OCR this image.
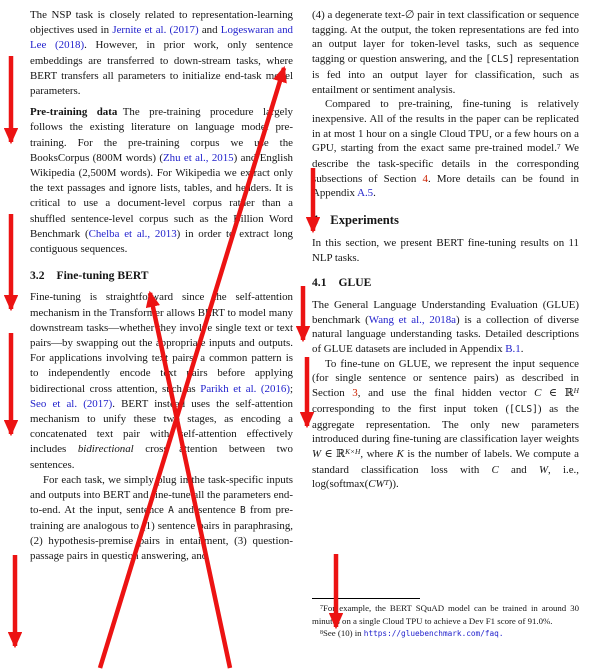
The NSP task is closely related to representation-learning objectives used in Jernite et al. (2017) and Logeswaran and Lee (2018). However, in prior work, only sentence embeddings are transferred to down-stream tasks, where BERT transfers all parameters to initialize end-task model parameters.

Pre-training data The pre-training procedure largely follows the existing literature on language model pre-training. For the pre-training corpus we use the BooksCorpus (800M words) (Zhu et al., 2015) and English Wikipedia (2,500M words). For Wikipedia we extract only the text passages and ignore lists, tables, and headers. It is critical to use a document-level corpus rather than a shuffled sentence-level corpus such as the Billion Word Benchmark (Chelba et al., 2013) in order to extract long contiguous sequences.

3.2 Fine-tuning BERT

Fine-tuning is straightforward since the self-attention mechanism in the Transformer allows BERT to model many downstream tasks—whether they involve single text or text pairs—by swapping out the appropriate inputs and outputs. For applications involving text pairs, a common pattern is to independently encode text pairs before applying bidirectional cross attention, such as Parikh et al. (2016); Seo et al. (2017). BERT instead uses the self-attention mechanism to unify these two stages, as encoding a concatenated text pair with self-attention effectively includes bidirectional cross attention between two sentences.

For each task, we simply plug in the task-specific inputs and outputs into BERT and fine-tune all the parameters end-to-end. At the input, sentence A and sentence B from pre-training are analogous to (1) sentence pairs in paraphrasing, (2) hypothesis-premise pairs in entailment, (3) question-passage pairs in question answering, and

(4) a degenerate text-∅ pair in text classification or sequence tagging. At the output, the token representations are fed into an output layer for token-level tasks, such as sequence tagging or question answering, and the [CLS] representation is fed into an output layer for classification, such as entailment or sentiment analysis.

Compared to pre-training, fine-tuning is relatively inexpensive. All of the results in the paper can be replicated in at most 1 hour on a single Cloud TPU, or a few hours on a GPU, starting from the exact same pre-trained model.$^7$ We describe the task-specific details in the corresponding subsections of Section 4. More details can be found in Appendix A.5.

4 Experiments

In this section, we present BERT fine-tuning results on 11 NLP tasks.

4.1 GLUE

The General Language Understanding Evaluation (GLUE) benchmark (Wang et al., 2018a) is a collection of diverse natural language understanding tasks. Detailed descriptions of GLUE datasets are included in Appendix B.1.

To fine-tune on GLUE, we represent the input sequence (for single sentence or sentence pairs) as described in Section 3, and use the final hidden vector C ∈ ℝ$^H$ corresponding to the first input token ([CLS]) as the aggregate representation. The only new parameters introduced during fine-tuning are classification layer weights W ∈ ℝ$^{K\times H}$, where K is the number of labels. We compute a standard classification loss with C and W, i.e., $\log(softmax(CW^T))$.

$^7$For example, the BERT SQuAD model can be trained in around 30 minutes on a single Cloud TPU to achieve a Dev F1 score of 91.0%.

$^8$See (10) in https://gluebenchmark.com/faq.
